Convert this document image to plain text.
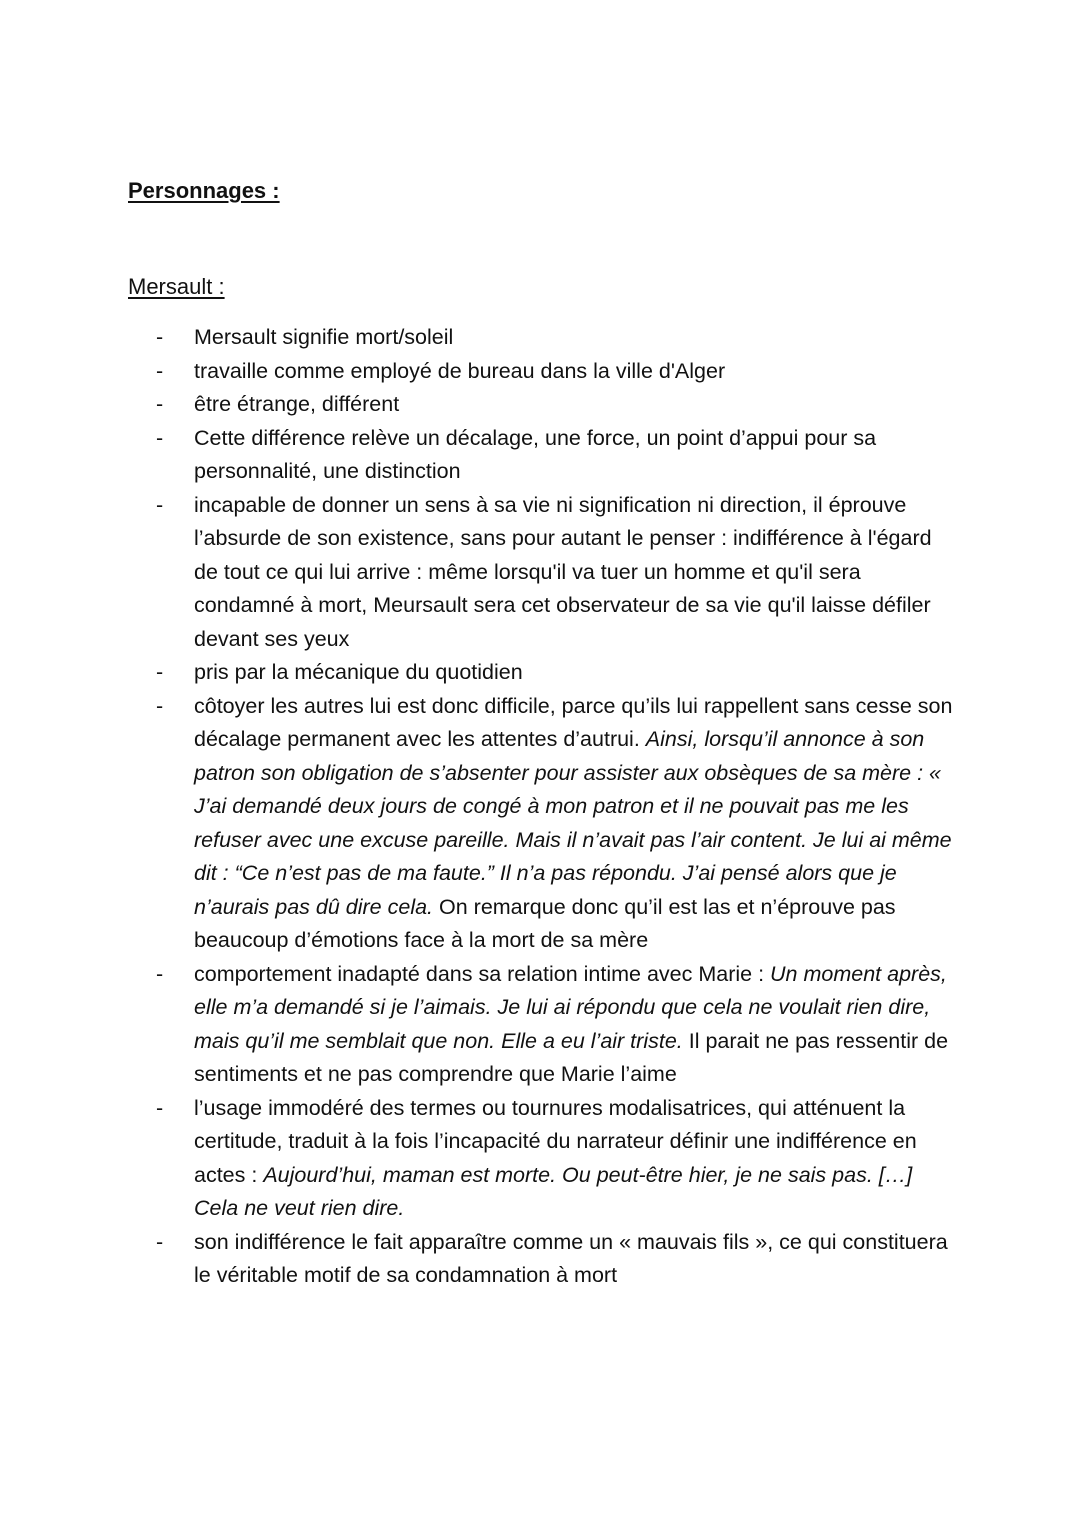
Personnages :
Mersault :
- Mersault signifie mort/soleil
- travaille comme employé de bureau dans la ville d'Alger
- être étrange, différent
- Cette différence relève un décalage, une force, un point d’appui pour sa personnalité, une distinction
- incapable de donner un sens à sa vie ni signification ni direction, il éprouve l’absurde de son existence, sans pour autant le penser : indifférence à l'égard de tout ce qui lui arrive : même lorsqu'il va tuer un homme et qu'il sera condamné à mort, Meursault sera cet observateur de sa vie qu'il laisse défiler devant ses yeux
- pris par la mécanique du quotidien
- côtoyer les autres lui est donc difficile, parce qu’ils lui rappellent sans cesse son décalage permanent avec les attentes d’autrui. Ainsi, lorsqu’il annonce à son patron son obligation de s’absenter pour assister aux obsèques de sa mère : « J’ai demandé deux jours de congé à mon patron et il ne pouvait pas me les refuser avec une excuse pareille. Mais il n’avait pas l’air content. Je lui ai même dit : “Ce n’est pas de ma faute.” Il n’a pas répondu. J’ai pensé alors que je n’aurais pas dû dire cela. On remarque donc qu’il est las et n’éprouve pas beaucoup d’émotions face à la mort de sa mère
- comportement inadapté dans sa relation intime avec Marie : Un moment après, elle m’a demandé si je l’aimais. Je lui ai répondu que cela ne voulait rien dire, mais qu’il me semblait que non. Elle a eu l’air triste. Il parait ne pas ressentir de sentiments et ne pas comprendre que Marie l’aime
- l’usage immodéré des termes ou tournures modalisatrices, qui atténuent la certitude, traduit à la fois l’incapacité du narrateur définir une indifférence en actes : Aujourd’hui, maman est morte. Ou peut-être hier, je ne sais pas. […] Cela ne veut rien dire.
- son indifférence le fait apparaître comme un « mauvais fils », ce qui constituera le véritable motif de sa condamnation à mort
